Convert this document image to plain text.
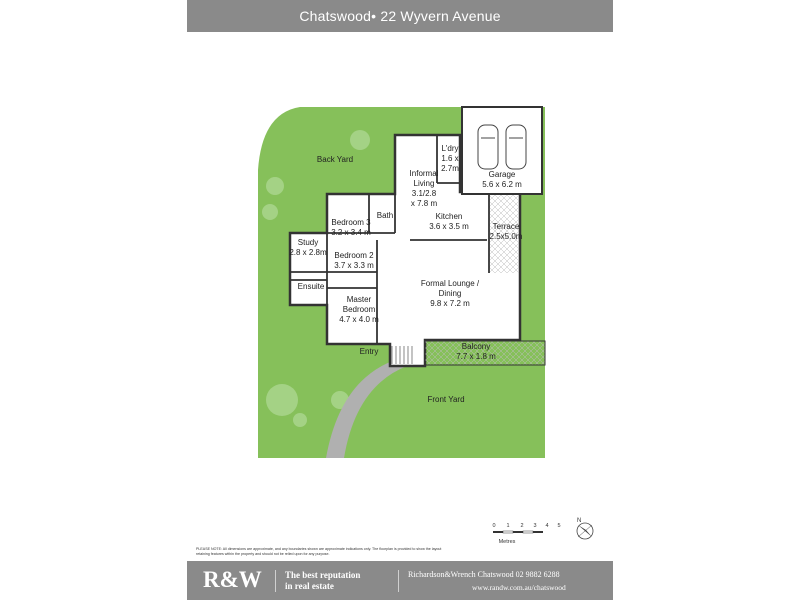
Chatswood• 22 Wyvern Avenue
L'dry
1.6 x
2.7m
Informal
Living
3.1/2.8
x 7.8 m
Garage
5.6 x 6.2 m
Bedroom 3
3.2 x 3.4 m
Bath	Kitchen
3.6 x 3.5 m	Terrace
2.5x5.0m
Study
2.8 x 2.8m Bedroom 2
3.7 x 3.3 m
Ensuite	Formal Lounge /
Dining
9.8 x 7.2 m
Master
Bedroom
4.7 x 4.0 m
Balcony
7.7 x 1.8 m
Entry
Back Yard
Front Yard
0 1 2 3 4 5
Metres
N
PLEASE NOTE: All dimensions are approximate, and any boundaries shown are approximate indications only. The floorplan is provided to show the layout retaining features within the property and should not be relied upon for any purpose.
R&W	The best reputation
in real estate
Richardson&Wrench Chatswood 02 9882 6288
www.randw.com.au/chatswood
